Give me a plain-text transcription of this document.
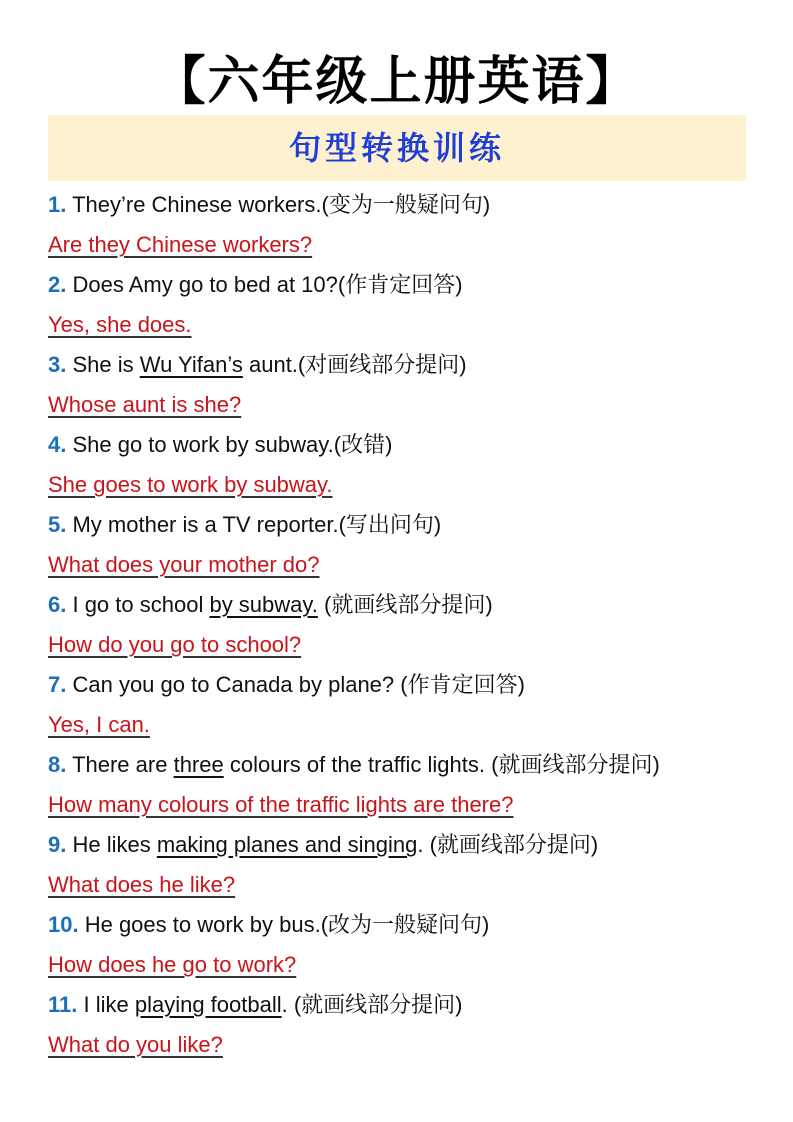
【六年级上册英语】
句型转换训练
1. They’re Chinese workers.(变为一般疑问句)
Are they Chinese workers?
2. Does Amy go to bed at 10?(作肯定回答)
Yes, she does.
3. She is Wu Yifan’s aunt.(对画线部分提问)
Whose aunt is she?
4. She go to work by subway.(改错)
She goes to work by subway.
5. My mother is a TV reporter.(写出问句)
What does your mother do?
6. I go to school by subway. (就画线部分提问)
How do you go to school?
7. Can you go to Canada by plane? (作肯定回答)
Yes, I can.
8. There are three colours of the traffic lights. (就画线部分提问)
How many colours of the traffic lights are there?
9. He likes making planes and singing. (就画线部分提问)
What does he like?
10. He goes to work by bus.(改为一般疑问句)
How does he go to work?
11. I like playing football. (就画线部分提问)
What do you like?
